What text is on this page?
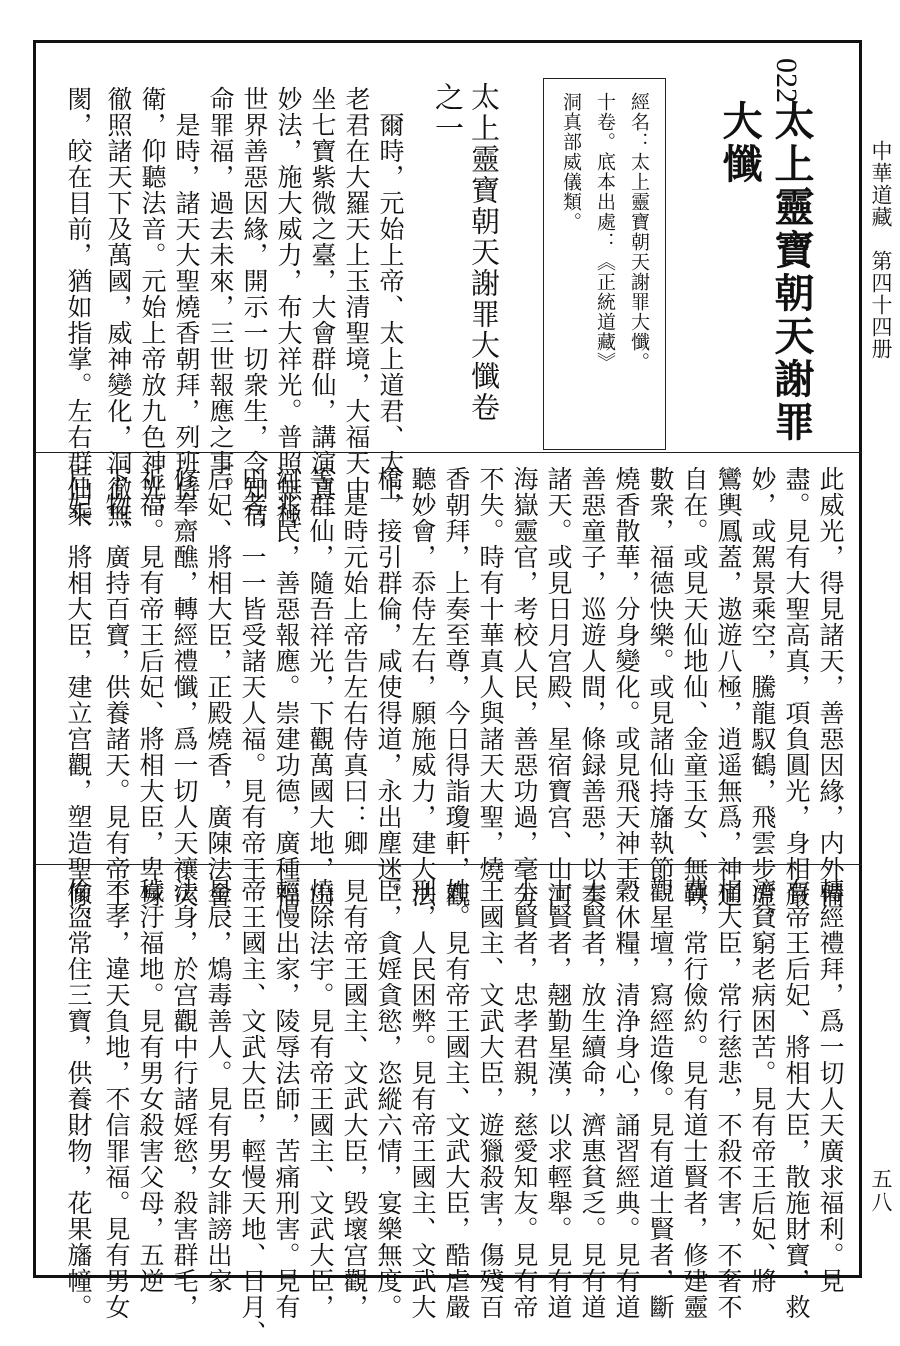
中華道藏　第四十四册
五八
022
太上靈寶朝天謝罪
大懺
經名：太上靈寶朝天謝罪大懺。
十卷。底本出處：《正統道藏》
洞真部威儀類。
太上靈寶朝天謝罪大懺卷
之一
　爾時，元始上帝、太上道君、太上
老君在大羅天上玉清聖境，大福天中
坐七寶紫微之臺，大會群仙，講演真一
妙法，施大威力，布大祥光。普照無極
世界善惡因緣，開示一切衆生，令知宿
命罪福，過去未來，三世報應之事。
　是時，諸天大聖燒香朝拜，列班侍
衛，仰聽法音。元始上帝放九色神光，
徹照諸天下及萬國，威神變化，洞徹無
閡，皎在目前，猶如指掌。左右群仙乘
此威光，得見諸天，善惡因緣，内外備
盡。見有大聖高真，項負圓光，身相嚴
妙，或駕景乘空，騰龍馭鶴，飛雲步虚，
鸞輿鳳蓋，遨遊八極，逍遥無爲，神通
自在。或見天仙地仙、金童玉女、無鞅
數衆，福德快樂。或見諸仙持旛執節，
燒香散華，分身變化。或見飛天神王、
善惡童子，巡遊人間，條録善惡，以奏
諸天。或見日月宫殿、星宿寶宫、山河
海嶽靈官，考校人民，善惡功過，毫分
不失。時有十華真人與諸天大聖，燒
香朝拜，上奏至尊，今日得詣瓊軒，觀
聽妙會，忝侍左右，願施威力，建大法
橋，接引群倫，咸使得道，永出塵迷。
　是時元始上帝告左右侍真曰：卿
等群仙，隨吾祥光，下觀萬國大地，山
河兆民，善惡報應。崇建功德，廣種福
田者，一一皆受諸天人福。見有帝王
后妃、將相大臣，正殿燒香，廣陳法會，
修奉齋醮，轉經禮懺，爲一切人天禳灾
祈福。見有帝王后妃、將相大臣，卑身
下物，廣持百寶，供養諸天。見有帝王
后妃、將相大臣，建立宫觀，塑造聖像，
轉經禮拜，爲一切人天廣求福利。見
有帝王后妃、將相大臣，散施財寶，救
濟貧窮老病困苦。見有帝王后妃、將
相大臣，常行慈悲，不殺不害，不奢不
費，常行儉約。見有道士賢者，修建靈
觀星壇，寫經造像。見有道士賢者，斷
穀休糧，清浄身心，誦習經典。見有道
士賢者，放生續命，濟惠貧乏。見有道
士賢者，翹勤星漢，以求輕舉。見有道
士賢者，忠孝君親，慈愛知友。見有帝
王國主、文武大臣，遊獵殺害，傷殘百
姓。見有帝王國主、文武大臣，酷虐嚴
刑，人民困弊。見有帝王國主、文武大
臣，貪婬貪慾，恣縱六情，宴樂無度。
見有帝王國主、文武大臣，毁壞宫觀，
燒除法宇。見有帝王國主、文武大臣，
輕慢出家，陵辱法師，苦痛刑害。見有
帝王國主、文武大臣，輕慢天地、日月、
星辰，鴆毒善人。見有男女誹謗出家
法身，於宫觀中行諸婬慾，殺害群毛，
穢汙福地。見有男女殺害父母，五逆
不孝，違天負地，不信罪福。見有男女
偷盗常住三寶，供養財物，花果旛幢。
